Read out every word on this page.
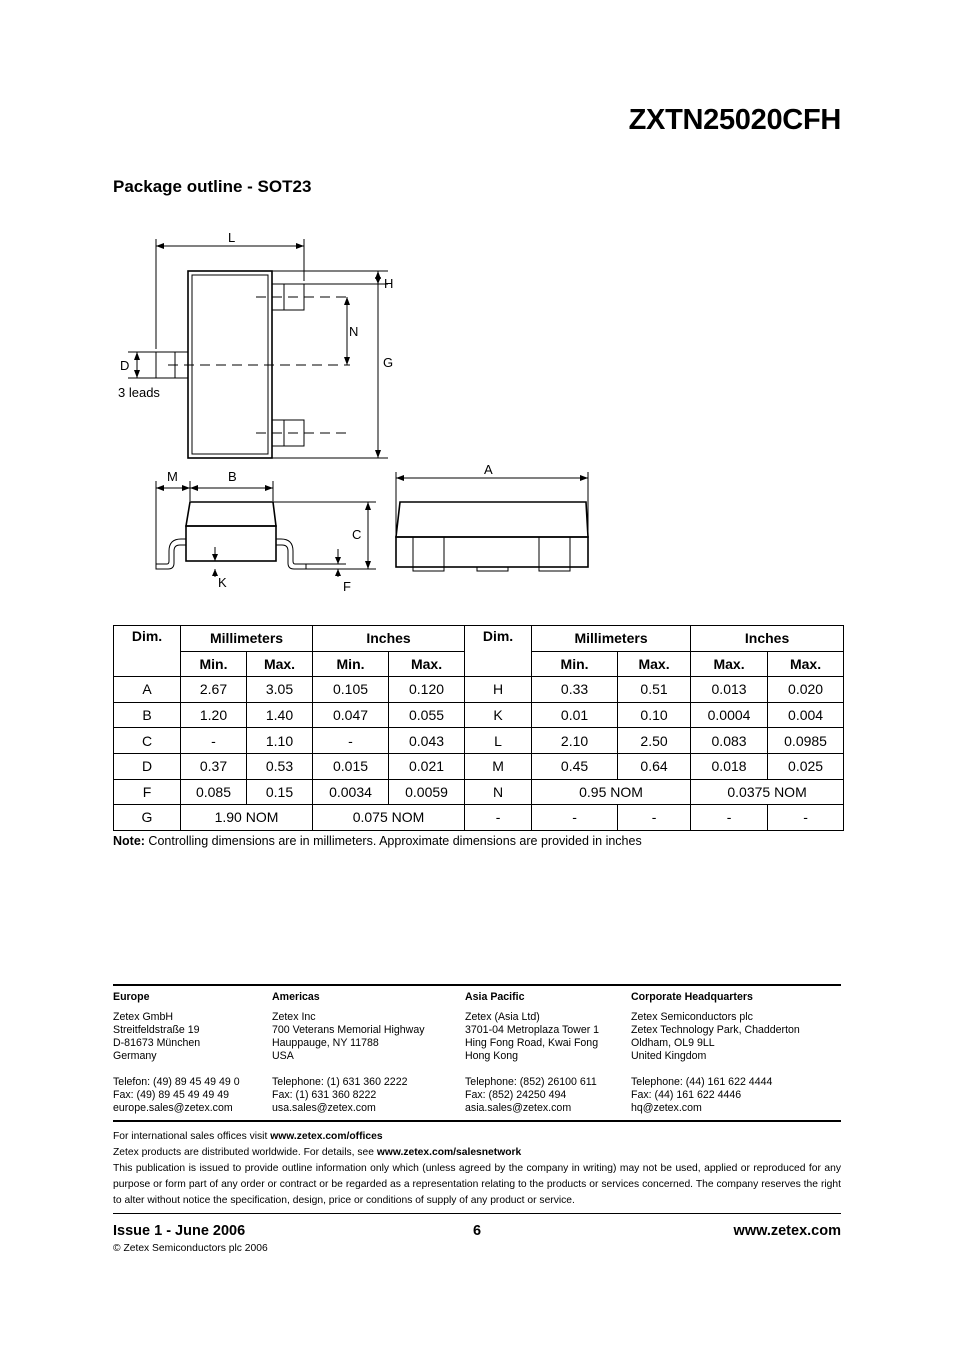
ZXTN25020CFH
Package outline - SOT23
L
H
N
G
D
3 leads
M	B	A
C
K	F
Dim.	Millimeters		Inches		Dim.	Millimeters		Inches	
	Min.	Max.	Min.	Max.		Min.	Max.	Max.	Max.
A	2.67	3.05	0.105	0.120	H	0.33	0.51	0.013	0.020
B	1.20	1.40	0.047	0.055	K	0.01	0.10	0.0004	0.004
C	-	1.10	-	0.043	L	2.10	2.50	0.083	0.0985
D	0.37	0.53	0.015	0.021	M	0.45	0.64	0.018	0.025
F	0.085	0.15	0.0034	0.0059	N	0.95 NOM		0.0375 NOM	
G	1.90 NOM		0.075 NOM		-	-	-	-	-
Note: Controlling dimensions are in millimeters. Approximate dimensions are provided in inches
Europe
Zetex GmbH
Streitfeldstraße 19
D-81673 München
Germany
Telefon: (49) 89 45 49 49 0
Fax: (49) 89 45 49 49 49
europe.sales@zetex.com
Americas
Zetex Inc
700 Veterans Memorial Highway
Hauppauge, NY 11788
USA
Telephone: (1) 631 360 2222
Fax: (1) 631 360 8222
usa.sales@zetex.com
Asia Pacific
Zetex (Asia Ltd)
3701-04 Metroplaza Tower 1
Hing Fong Road, Kwai Fong
Hong Kong
Telephone: (852) 26100 611
Fax: (852) 24250 494
asia.sales@zetex.com
Corporate Headquarters
Zetex Semiconductors plc
Zetex Technology Park, Chadderton
Oldham, OL9 9LL
United Kingdom
Telephone: (44) 161 622 4444
Fax: (44) 161 622 4446
hq@zetex.com

For international sales offices visit www.zetex.com/offices

Zetex products are distributed worldwide. For details, see www.zetex.com/salesnetwork

This publication is issued to provide outline information only which (unless agreed by the company in writing) may not be used, applied or reproduced for any purpose or form part of any order or contract or be regarded as a representation relating to the products or services concerned. The company reserves the right to alter without notice the specification, design, price or conditions of supply of any product or service.

Issue 1 - June 2006
© Zetex Semiconductors plc 2006
6	www.zetex.com
